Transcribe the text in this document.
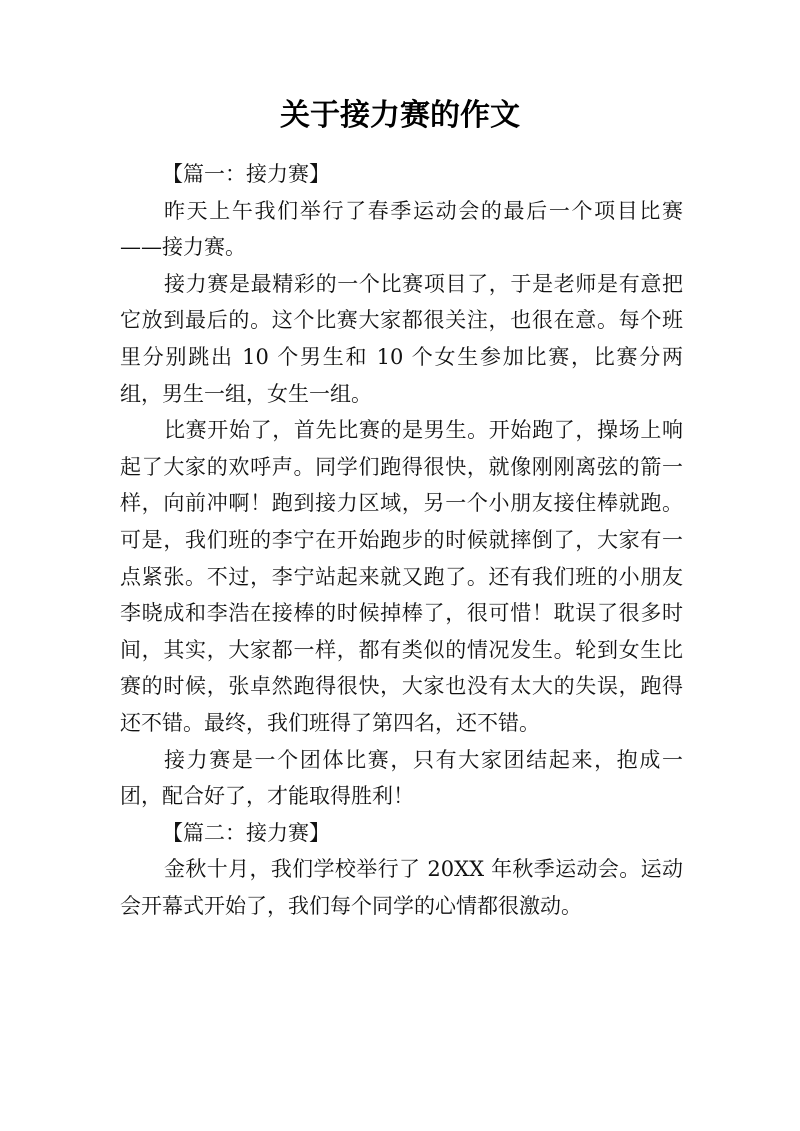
关于接力赛的作文

【篇一：接力赛】

昨天上午我们举行了春季运动会的最后一个项目比赛——接力赛。

接力赛是最精彩的一个比赛项目了，于是老师是有意把它放到最后的。这个比赛大家都很关注，也很在意。每个班里分别跳出 10 个男生和 10 个女生参加比赛，比赛分两组，男生一组，女生一组。

比赛开始了，首先比赛的是男生。开始跑了，操场上响起了大家的欢呼声。同学们跑得很快，就像刚刚离弦的箭一样，向前冲啊！跑到接力区域，另一个小朋友接住棒就跑。可是，我们班的李宁在开始跑步的时候就摔倒了，大家有一点紧张。不过，李宁站起来就又跑了。还有我们班的小朋友李晓成和李浩在接棒的时候掉棒了，很可惜！耽误了很多时间，其实，大家都一样，都有类似的情况发生。轮到女生比赛的时候，张卓然跑得很快，大家也没有太大的失误，跑得还不错。最终，我们班得了第四名，还不错。

接力赛是一个团体比赛，只有大家团结起来，抱成一团，配合好了，才能取得胜利！

【篇二：接力赛】

金秋十月，我们学校举行了 20XX 年秋季运动会。运动会开幕式开始了，我们每个同学的心情都很激动。
